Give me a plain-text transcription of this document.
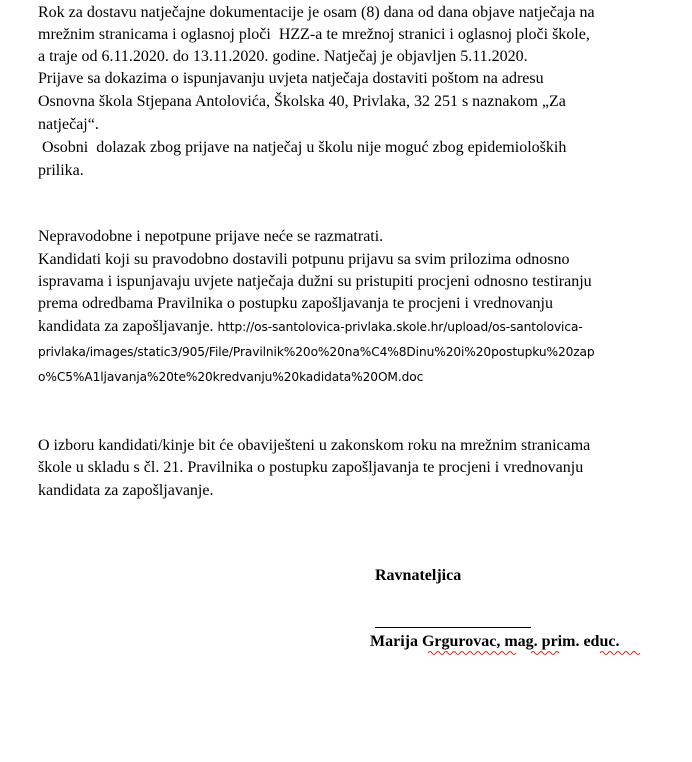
Rok za dostavu natječajne dokumentacije je osam (8) dana od dana objave natječaja na
mrežnim stranicama i oglasnoj ploči  HZZ-a te mrežnoj stranici i oglasnoj ploči škole,
a traje od 6.11.2020. do 13.11.2020. godine. Natječaj je objavljen 5.11.2020.
Prijave sa dokazima o ispunjavanju uvjeta natječaja dostaviti poštom na adresu
Osnovna škola Stjepana Antolovića, Školska 40, Privlaka, 32 251 s naznakom „Za
natječaj“.
Osobni  dolazak zbog prijave na natječaj u školu nije moguć zbog epidemioloških
prilika.
Nepravodobne i nepotpune prijave neće se razmatrati.
Kandidati koji su pravodobno dostavili potpunu prijavu sa svim prilozima odnosno
ispravama i ispunjavaju uvjete natječaja dužni su pristupiti procjeni odnosno testiranju
prema odredbama Pravilnika o postupku zapošljavanja te procjeni i vrednovanju
kandidata za zapošljavanje. http://os-santolovica-privlaka.skole.hr/upload/os-santolovica-
privlaka/images/static3/905/File/Pravilnik%20o%20na%C4%8Dinu%20i%20postupku%20zap
o%C5%A1ljavanja%20te%20kredvanju%20kadidata%20OM.doc
O izboru kandidati/kinje bit će obaviješteni u zakonskom roku na mrežnim stranicama
škole u skladu s čl. 21. Pravilnika o postupku zapošljavanja te procjeni i vrednovanju
kandidata za zapošljavanje.
Ravnateljica
Marija Grgurovac, mag. prim. educ.
